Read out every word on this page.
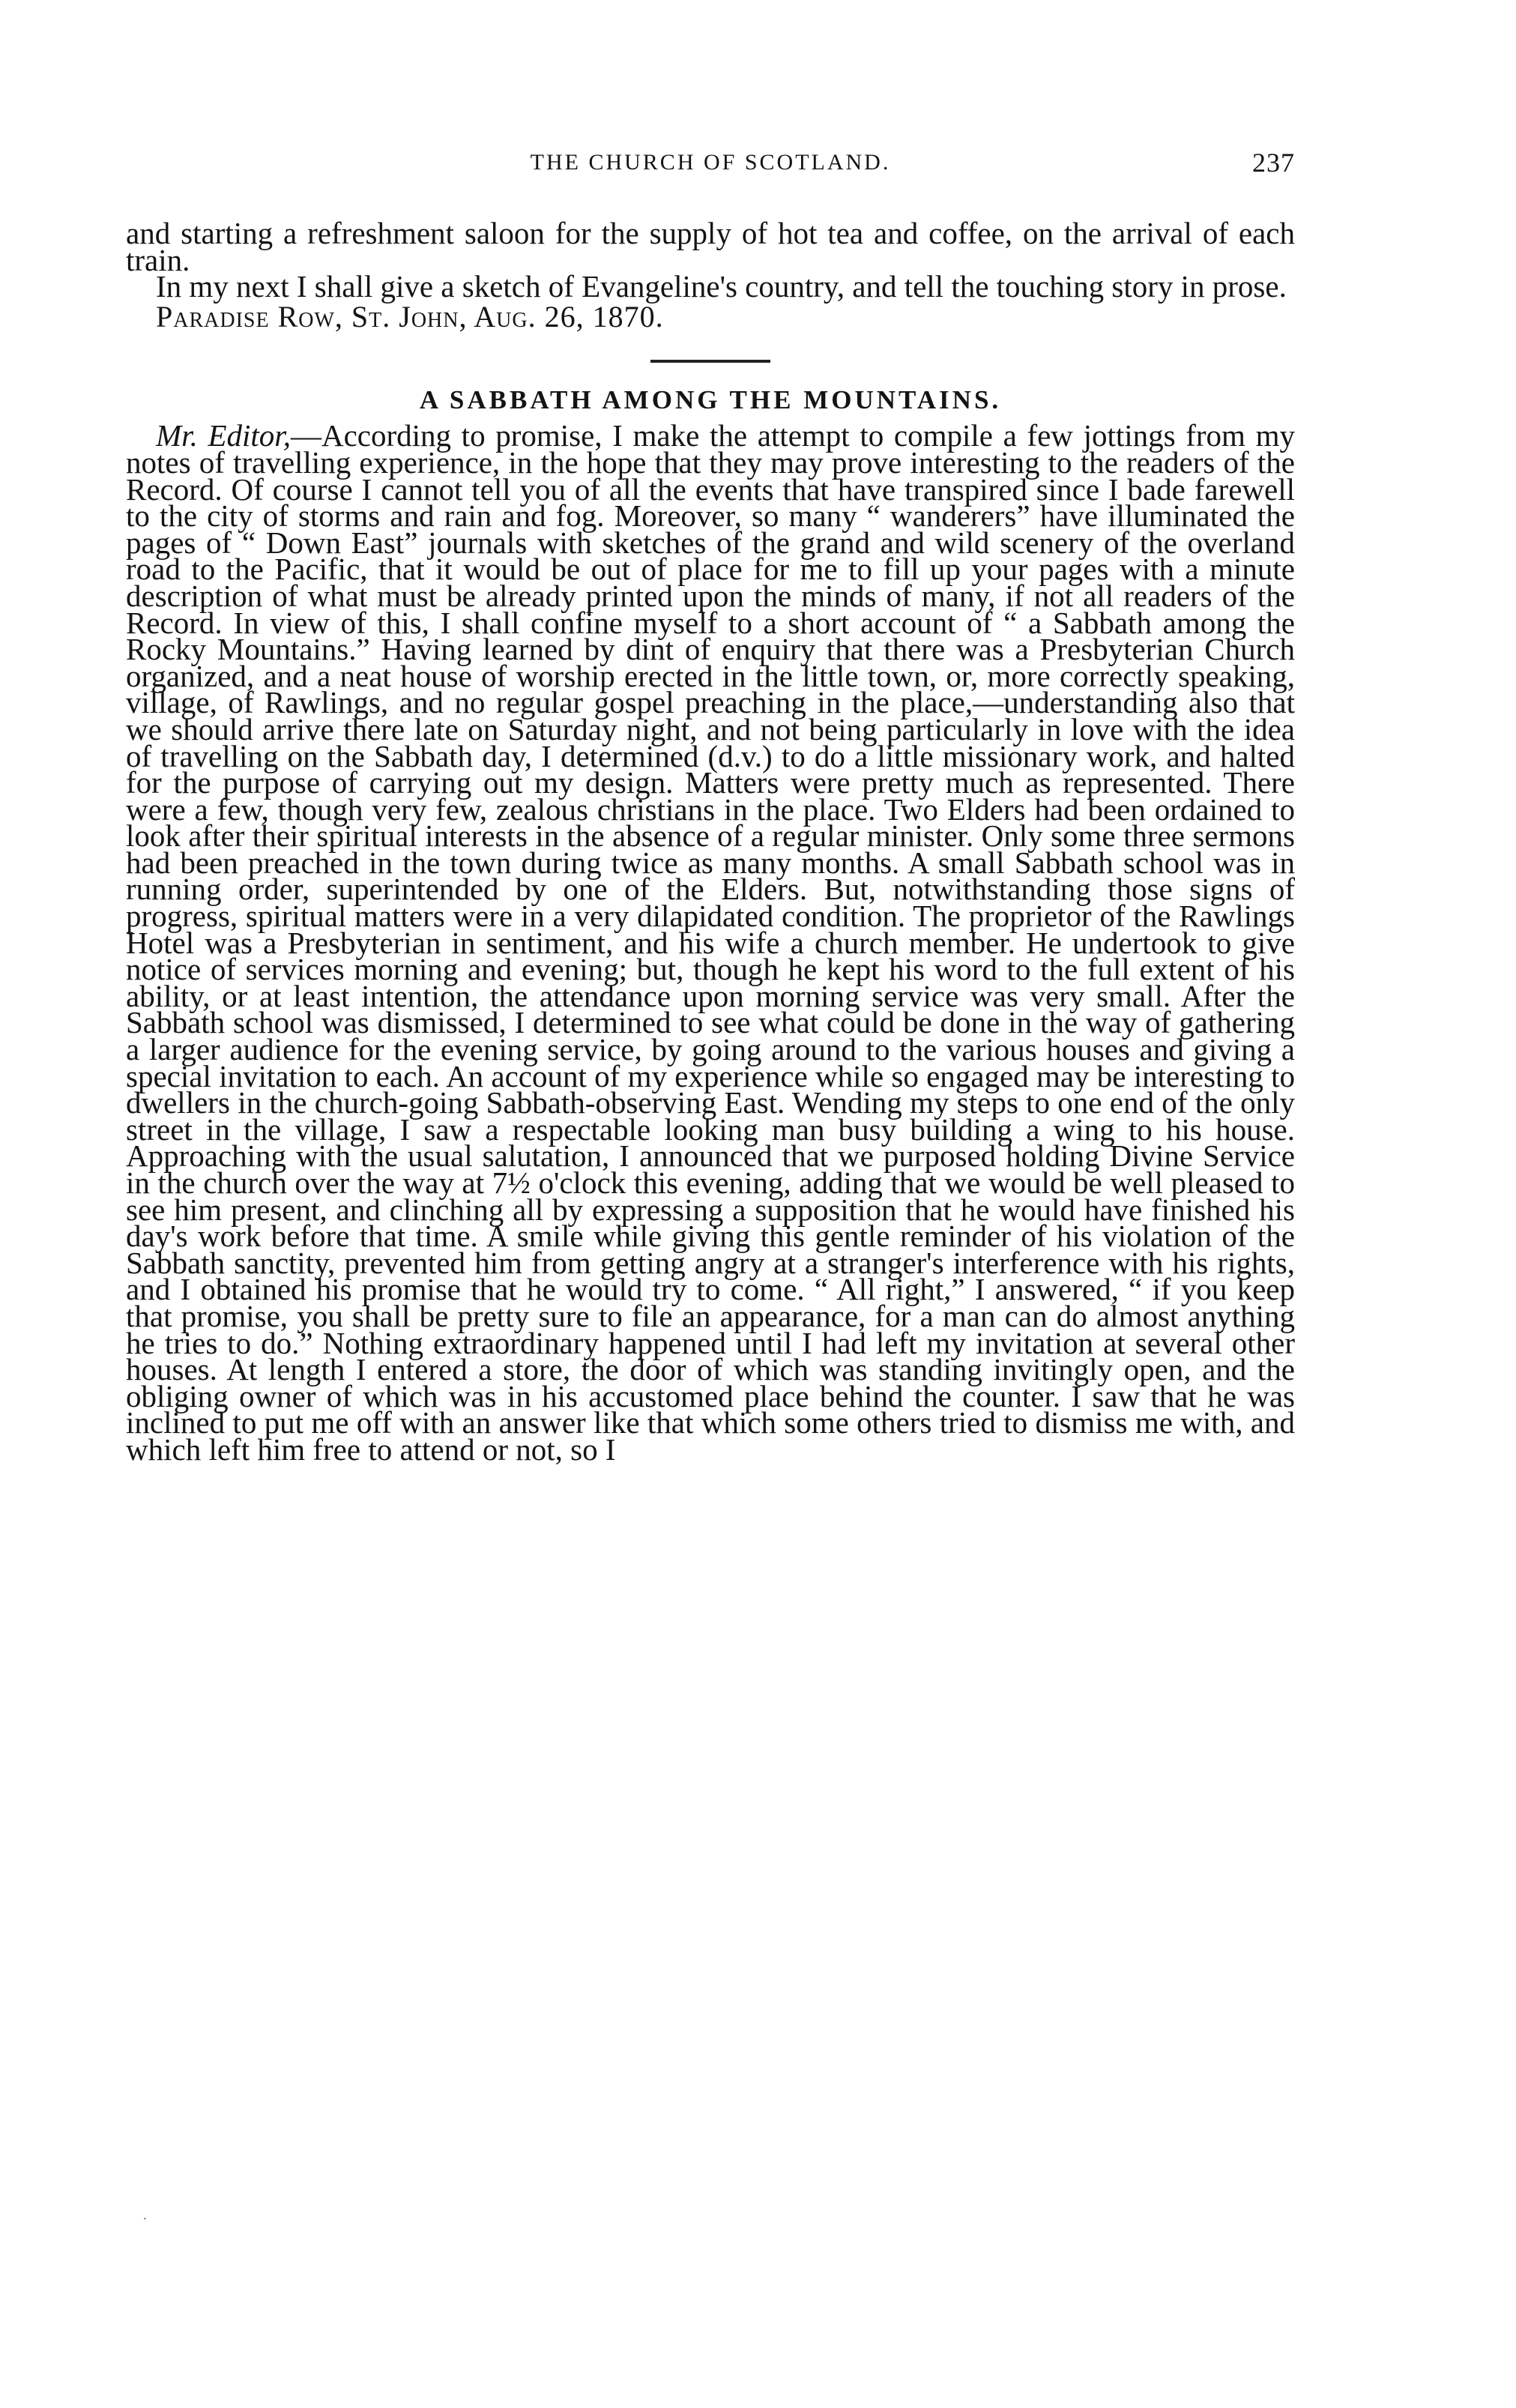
THE CHURCH OF SCOTLAND.	237

and starting a refreshment saloon for the supply of hot tea and coffee, on the arrival of each train.

In my next I shall give a sketch of Evangeline's country, and tell the touching story in prose.

Paradise Row, St. John, Aug. 26, 1870.

A SABBATH AMONG THE MOUNTAINS.

Mr. Editor,—According to promise, I make the attempt to compile a few jottings from my notes of travelling experience, in the hope that they may prove interesting to the readers of the Record. Of course I cannot tell you of all the events that have transpired since I bade farewell to the city of storms and rain and fog. Moreover, so many “ wanderers” have illuminated the pages of “ Down East” journals with sketches of the grand and wild scenery of the overland road to the Pacific, that it would be out of place for me to fill up your pages with a minute description of what must be already printed upon the minds of many, if not all readers of the Record. In view of this, I shall confine myself to a short account of “ a Sabbath among the Rocky Mountains.” Having learned by dint of enquiry that there was a Presbyterian Church organized, and a neat house of worship erected in the little town, or, more correctly speaking, village, of Rawlings, and no regular gospel preaching in the place,—understanding also that we should arrive there late on Saturday night, and not being particularly in love with the idea of travelling on the Sabbath day, I determined (d.v.) to do a little missionary work, and halted for the purpose of carrying out my design. Matters were pretty much as represented. There were a few, though very few, zealous christians in the place. Two Elders had been ordained to look after their spiritual interests in the absence of a regular minister. Only some three sermons had been preached in the town during twice as many months. A small Sabbath school was in running order, superintended by one of the Elders. But, notwithstanding those signs of progress, spiritual matters were in a very dilapidated condition. The proprietor of the Rawlings Hotel was a Presbyterian in sentiment, and his wife a church member. He undertook to give notice of services morning and evening; but, though he kept his word to the full extent of his ability, or at least intention, the attendance upon morning service was very small. After the Sabbath school was dismissed, I determined to see what could be done in the way of gathering a larger audience for the evening service, by going around to the various houses and giving a special invitation to each. An account of my experience while so engaged may be interesting to dwellers in the church-going Sabbath-observing East. Wending my steps to one end of the only street in the village, I saw a respectable looking man busy building a wing to his house. Approaching with the usual salutation, I announced that we purposed holding Divine Service in the church over the way at 7½ o'clock this evening, adding that we would be well pleased to see him present, and clinching all by expressing a supposition that he would have finished his day's work before that time. A smile while giving this gentle reminder of his violation of the Sabbath sanctity, prevented him from getting angry at a stranger's interference with his rights, and I obtained his promise that he would try to come. “ All right,” I answered, “ if you keep that promise, you shall be pretty sure to file an appearance, for a man can do almost anything he tries to do.” Nothing extraordinary happened until I had left my invitation at several other houses. At length I entered a store, the door of which was standing invitingly open, and the obliging owner of which was in his accustomed place behind the counter. I saw that he was inclined to put me off with an answer like that which some others tried to dismiss me with, and which left him free to attend or not, so I

·
